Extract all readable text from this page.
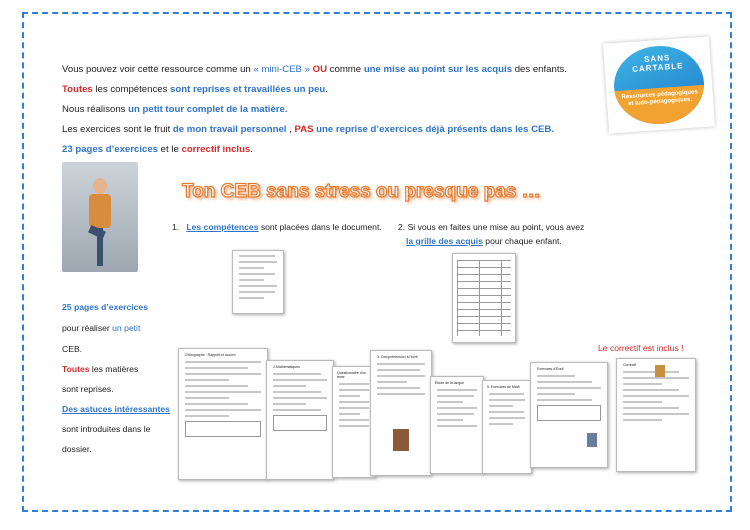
Vous pouvez voir cette ressource comme un « mini-CEB » OU comme une mise au point sur les acquis des enfants.
Toutes les compétences sont reprises et travaillées un peu.
Nous réalisons un petit tour complet de la matière.
Les exercices sont le fruit de mon travail personnel , PAS une reprise d’exercices déjà présents dans les CEB.
23 pages d’exercices et le correctif inclus.
SANS CARTABLE
Ressources pédagogiques et ludo-pédagogiques.
Ton CEB sans stress ou presque pas …
1. Les compétences sont placées dans le document. 2. Si vous en faites une mise au point, vous avez
la grille des acquis pour chaque enfant.
25 pages d’exercices
pour réaliser un petit
CEB.
Toutes les matières
sont reprises.
Des astuces intéressantes
sont introduites dans le
dossier.
Le correctif est inclus !
Orthographe : Rapport et accord
2.Mathématiques
Questionnaire d'un texte
3. Compréhension à l'écrit
Étude de la langue
5. Exercices de Math
Exercices d'Éveil
Correctif
